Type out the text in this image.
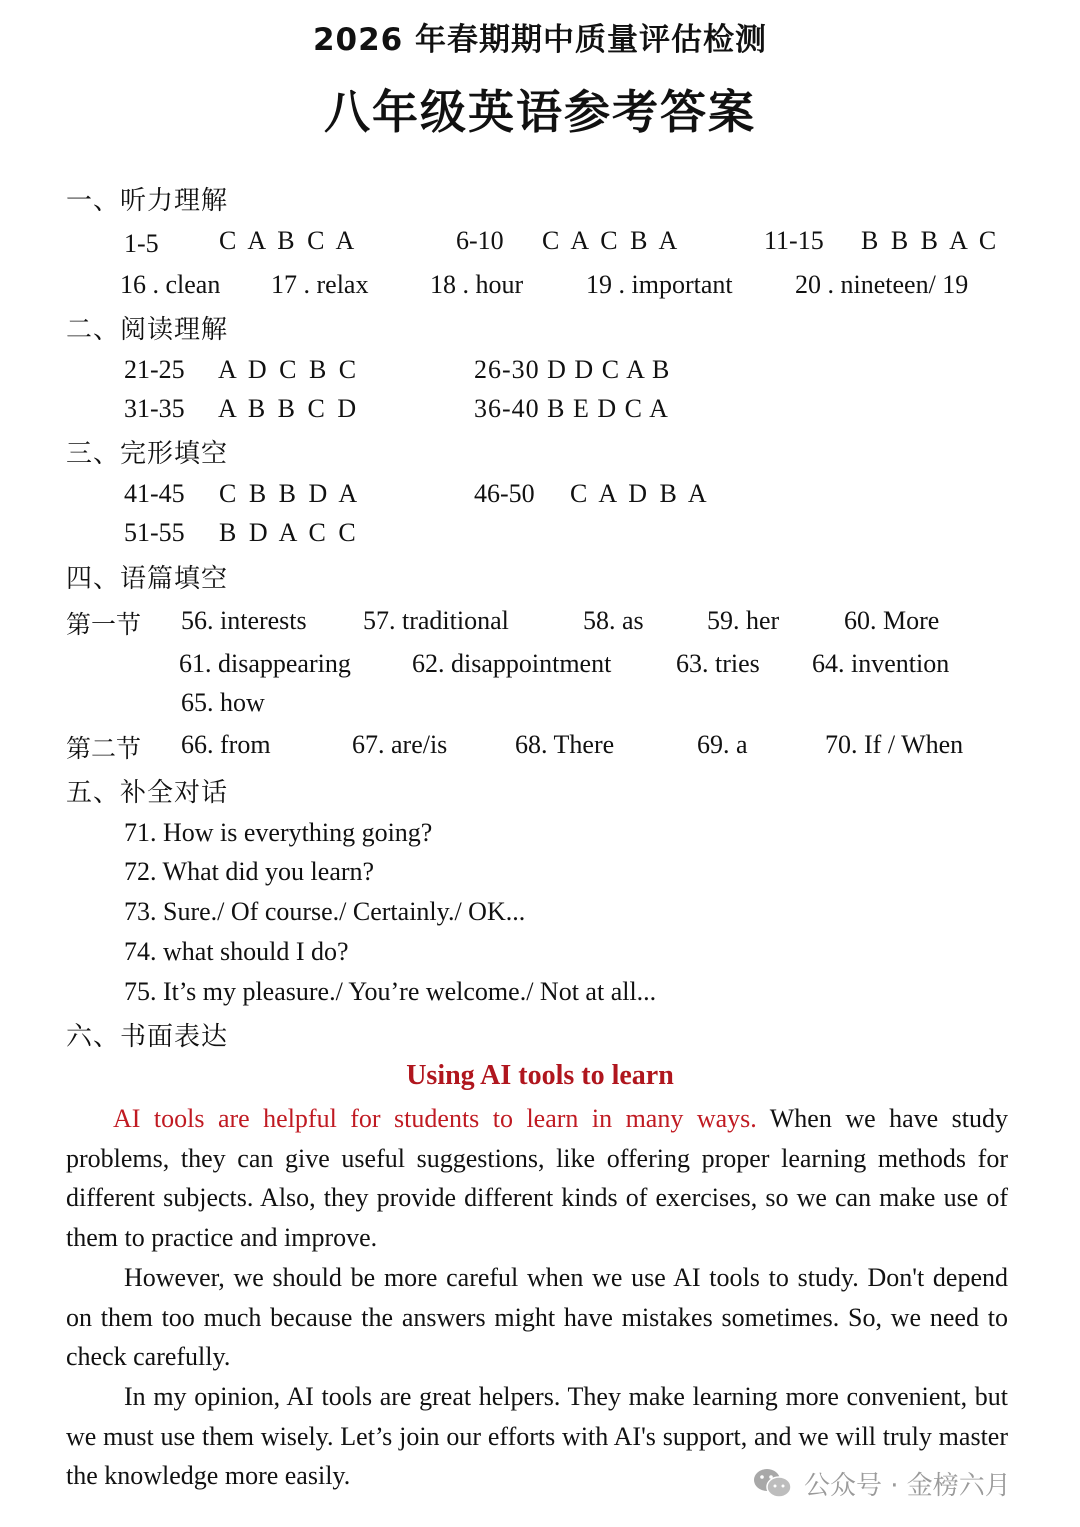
2026 年春期期中质量评估检测
八年级英语参考答案
一、听力理解
1-5 C A B C A	6-10 C A C B A	11-15 B B B A C
16 . clean 17 . relax 18 . hour 19 . important 20 . nineteen/ 19
二、阅读理解
21-25 A D C B C	26-30 D D C A B
31-35 A B B C D	36-40 B E D C A
三、完形填空
41-45 C B B D A	46-50 C A D B A
51-55 B D A C C
四、语篇填空
第一节 56. interests 57. traditional	58. as 59. her 60. More
61. disappearing 62. disappointment 63. tries 64. invention
65. how
第二节 66. from	67. are/is	68. There	69. a	70. If / When
五、补全对话
71. How is everything going?
72. What did you learn?
73. Sure./ Of course./ Certainly./ OK...
74. what should I do?
75. It’s my pleasure./ You’re welcome./ Not at all...
六、书面表达
Using AI tools to learn

AI tools are helpful for students to learn in many ways. When we have study problems, they can give useful suggestions, like offering proper learning methods for different subjects. Also, they provide different kinds of exercises, so we can make use of them to practice and improve.

However, we should be more careful when we use AI tools to study. Don't depend on them too much because the answers might have mistakes sometimes. So, we need to check carefully.

In my opinion, AI tools are great helpers. They make learning more convenient, but we must use them wisely. Let’s join our efforts with AI's support, and we will truly master the knowledge more easily.	公众号 · 金榜六月
